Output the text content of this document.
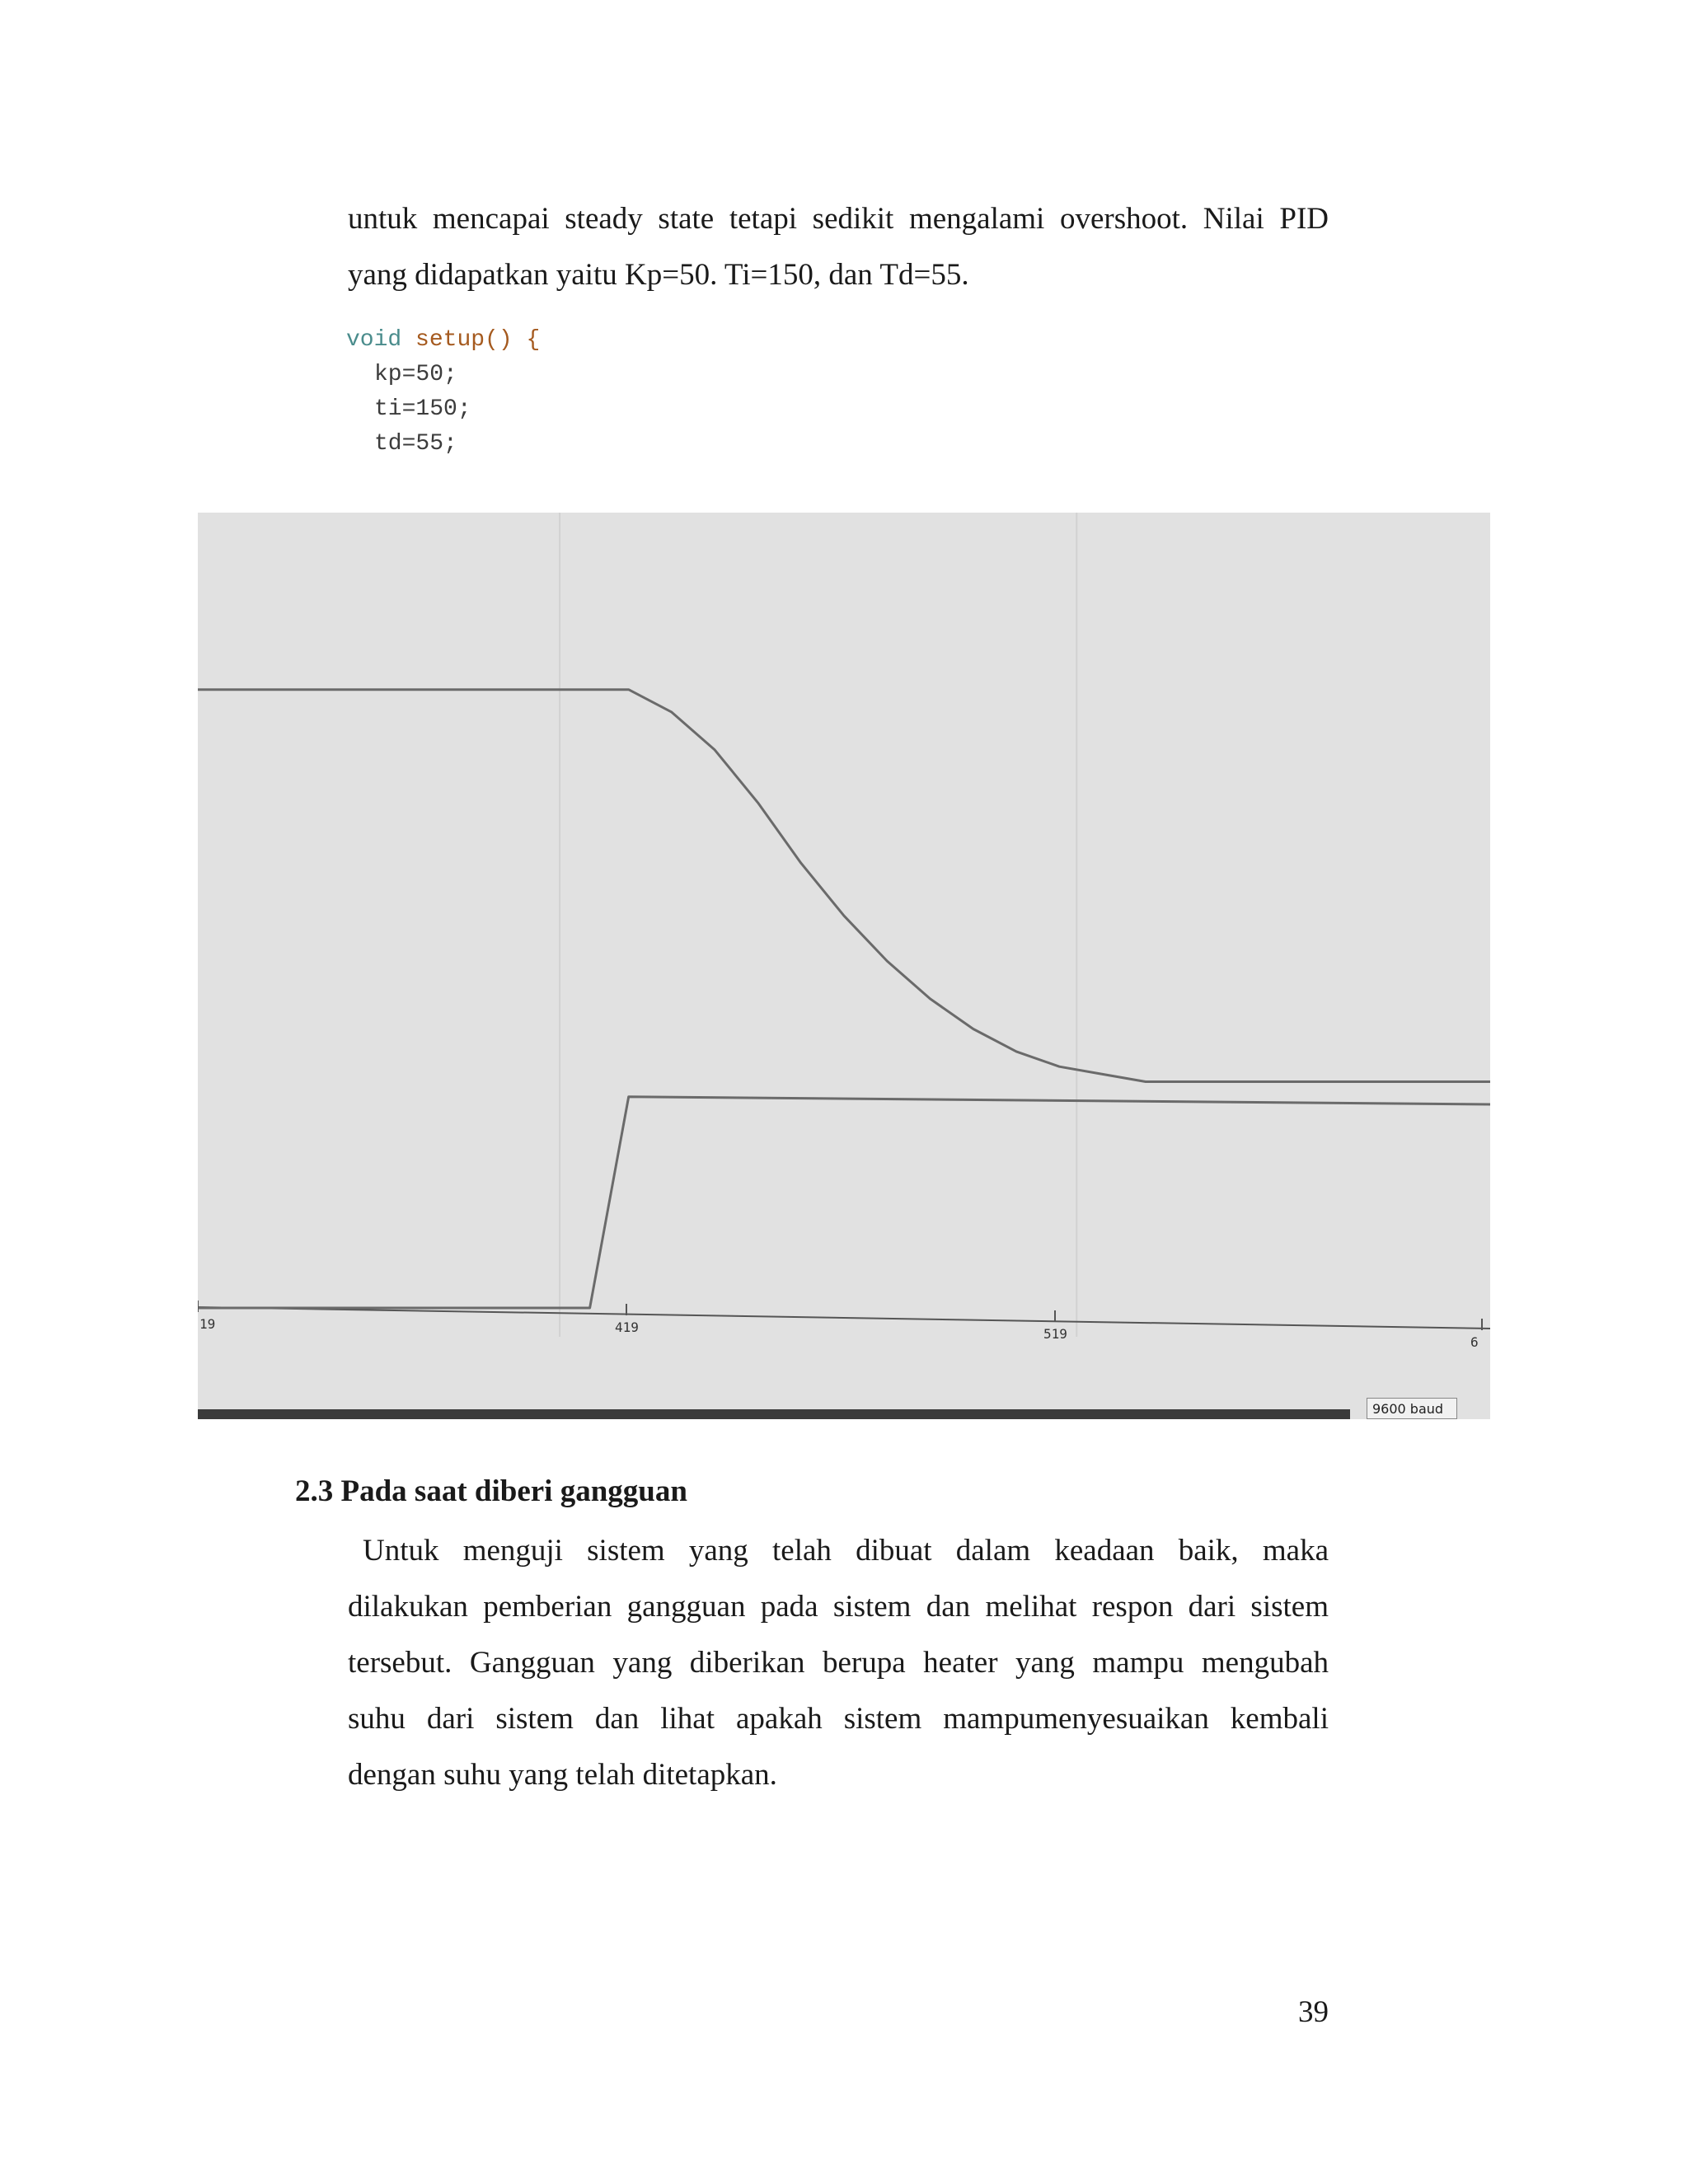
untuk mencapai steady state tetapi sedikit mengalami overshoot. Nilai PID
yang didapatkan yaitu Kp=50. Ti=150, dan Td=55.
void setup() {
kp=50;
ti=150;
td=55;
19	419	519
6
9600 baud
2.3 Pada saat diberi gangguan
Untuk menguji sistem yang telah dibuat dalam keadaan baik, maka
dilakukan pemberian gangguan pada sistem dan melihat respon dari sistem
tersebut. Gangguan yang diberikan berupa heater yang mampu mengubah
suhu dari sistem dan lihat apakah sistem mampumenyesuaikan kembali
dengan suhu yang telah ditetapkan.
39
